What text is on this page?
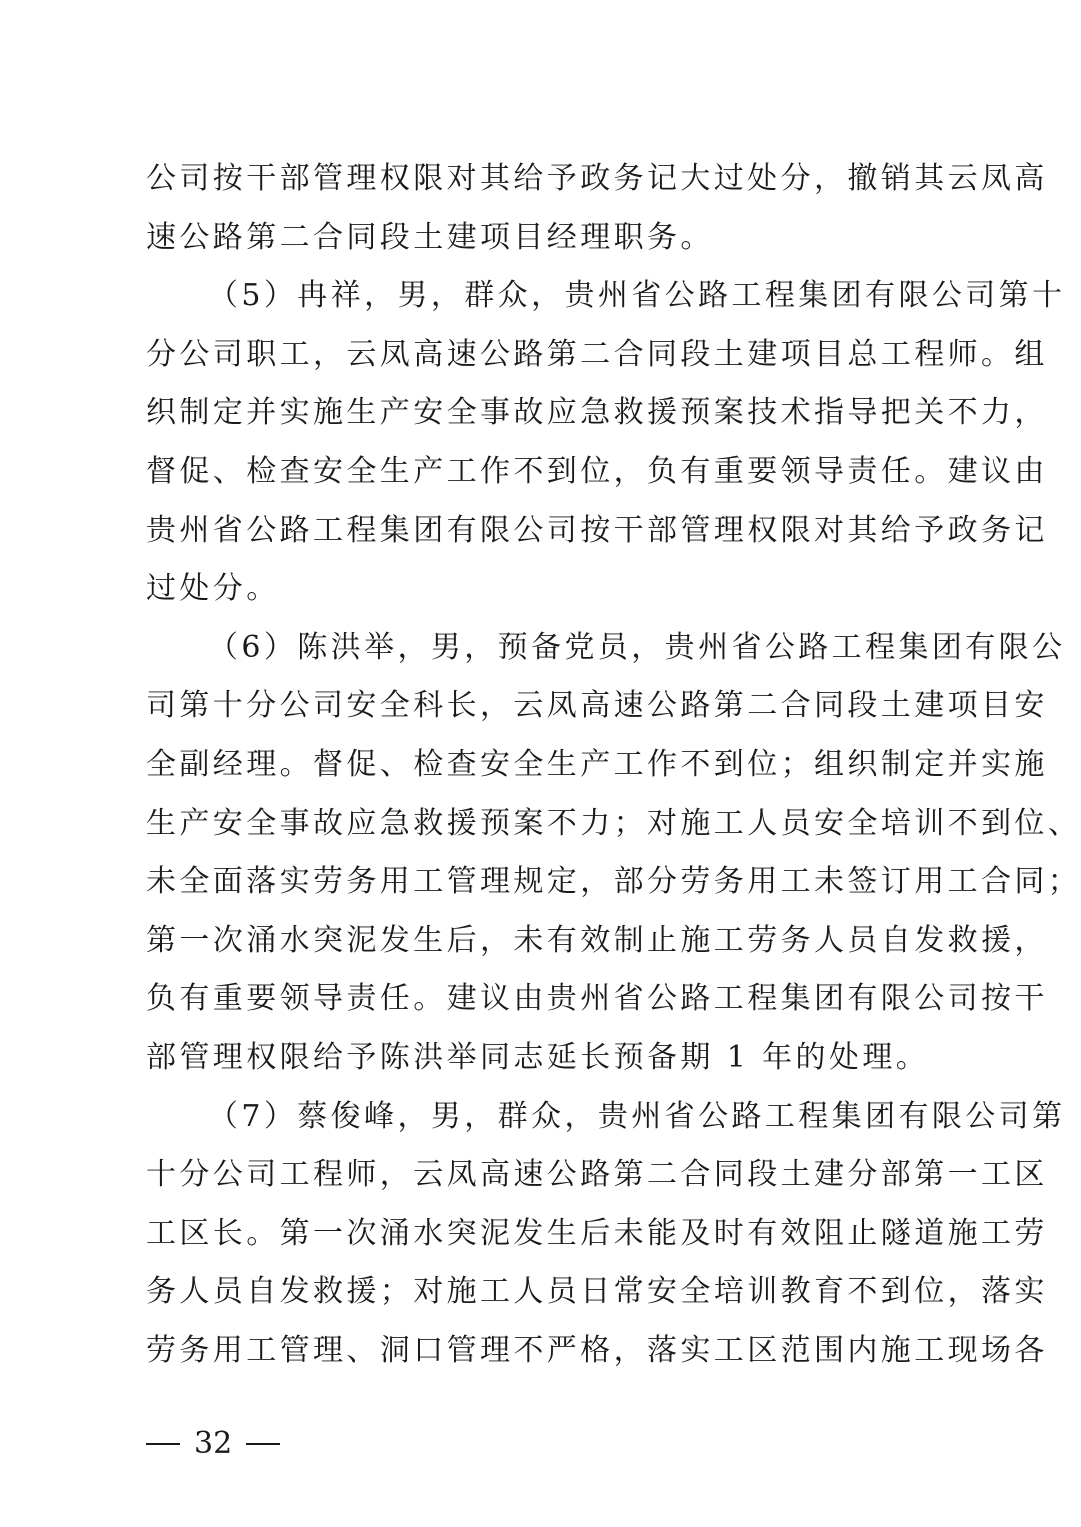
公司按干部管理权限对其给予政务记大过处分，撤销其云凤高
速公路第二合同段土建项目经理职务。
（5）冉祥，男，群众，贵州省公路工程集团有限公司第十
分公司职工，云凤高速公路第二合同段土建项目总工程师。组
织制定并实施生产安全事故应急救援预案技术指导把关不力，
督促、检查安全生产工作不到位，负有重要领导责任。建议由
贵州省公路工程集团有限公司按干部管理权限对其给予政务记
过处分。
（6）陈洪举，男，预备党员，贵州省公路工程集团有限公
司第十分公司安全科长，云凤高速公路第二合同段土建项目安
全副经理。督促、检查安全生产工作不到位；组织制定并实施
生产安全事故应急救援预案不力；对施工人员安全培训不到位、
未全面落实劳务用工管理规定，部分劳务用工未签订用工合同；
第一次涌水突泥发生后，未有效制止施工劳务人员自发救援，
负有重要领导责任。建议由贵州省公路工程集团有限公司按干
部管理权限给予陈洪举同志延长预备期 1 年的处理。
（7）蔡俊峰，男，群众，贵州省公路工程集团有限公司第
十分公司工程师，云凤高速公路第二合同段土建分部第一工区
工区长。第一次涌水突泥发生后未能及时有效阻止隧道施工劳
务人员自发救援；对施工人员日常安全培训教育不到位，落实
劳务用工管理、洞口管理不严格，落实工区范围内施工现场各
32
